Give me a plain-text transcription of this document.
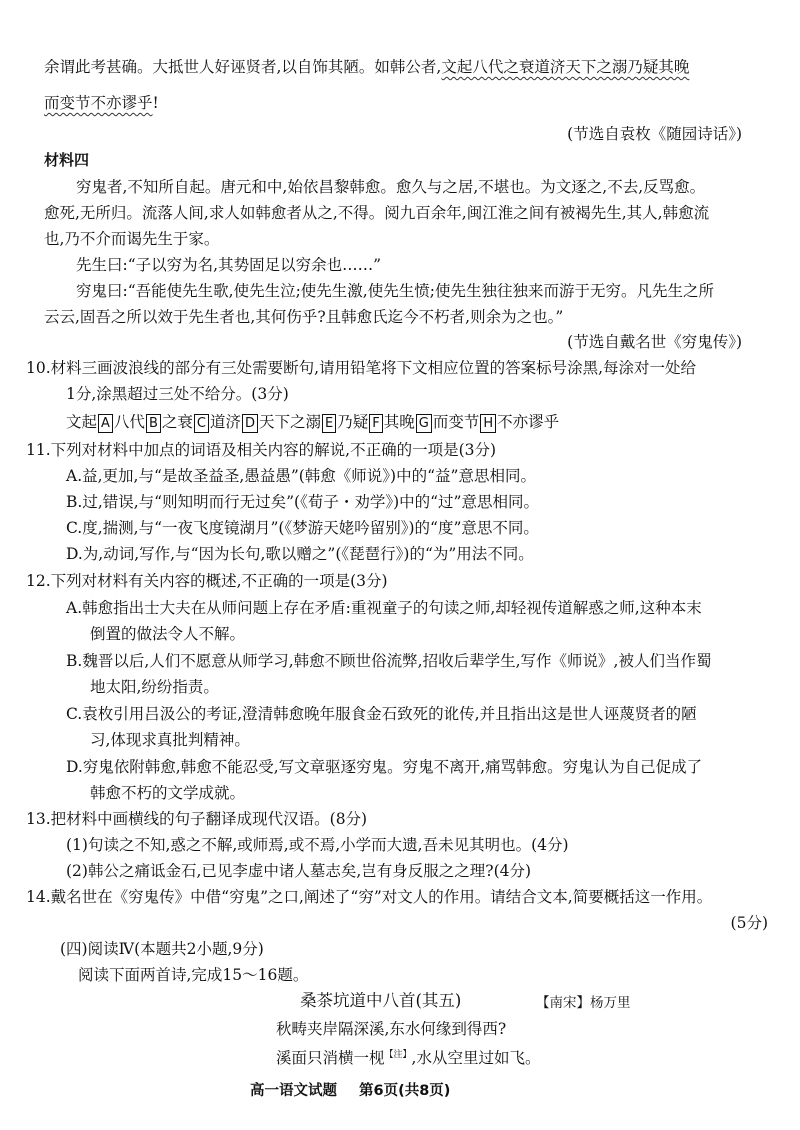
余谓此考甚确。大抵世人好诬贤者,以自饰其陋。如韩公者,文起八代之衰道济天下之溺乃疑其晚
而变节不亦谬乎!
(节选自袁枚《随园诗话》)
材料四
穷鬼者,不知所自起。唐元和中,始依昌黎韩愈。愈久与之居,不堪也。为文逐之,不去,反骂愈。
愈死,无所归。流落人间,求人如韩愈者从之,不得。阅九百余年,闽江淮之间有被褐先生,其人,韩愈流
也,乃不介而谒先生于家。
先生曰:“子以穷为名,其势固足以穷余也……”
穷鬼曰:“吾能使先生歌,使先生泣;使先生激,使先生愤;使先生独往独来而游于无穷。凡先生之所
云云,固吾之所以效于先生者也,其何伤乎?且韩愈氏迄今不朽者,则余为之也。”
(节选自戴名世《穷鬼传》)
10.材料三画波浪线的部分有三处需要断句,请用铅笔将下文相应位置的答案标号涂黑,每涂对一处给
1分,涂黑超过三处不给分。(3分)
文起 A 八代 B 之衰 C 道济 D 天下之溺 E 乃疑 F 其晚 G 而变节 H 不亦谬乎
11.下列对材料中加点的词语及相关内容的解说,不正确的一项是(3分)
A.益,更加,与“是故圣益圣,愚益愚”(韩愈《师说》)中的“益”意思相同。
B.过,错误,与“则知明而行无过矣”(《荀子・劝学》)中的“过”意思相同。
C.度,揣测,与“一夜飞度镜湖月”(《梦游天姥吟留别》)的“度”意思不同。
D.为,动词,写作,与“因为长句,歌以赠之”(《琵琶行》)的“为”用法不同。
12.下列对材料有关内容的概述,不正确的一项是(3分)
A.韩愈指出士大夫在从师问题上存在矛盾:重视童子的句读之师,却轻视传道解惑之师,这种本末
倒置的做法令人不解。
B.魏晋以后,人们不愿意从师学习,韩愈不顾世俗流弊,招收后辈学生,写作《师说》,被人们当作蜀
地太阳,纷纷指责。
C.袁枚引用吕汲公的考证,澄清韩愈晚年服食金石致死的讹传,并且指出这是世人诬蔑贤者的陋
习,体现求真批判精神。
D.穷鬼依附韩愈,韩愈不能忍受,写文章驱逐穷鬼。穷鬼不离开,痛骂韩愈。穷鬼认为自己促成了
韩愈不朽的文学成就。
13.把材料中画横线的句子翻译成现代汉语。(8分)
(1)句读之不知,惑之不解,或师焉,或不焉,小学而大遗,吾未见其明也。(4分)
(2)韩公之痛诋金石,已见李虚中诸人墓志矣,岂有身反服之之理?(4分)
14.戴名世在《穷鬼传》中借“穷鬼”之口,阐述了“穷”对文人的作用。请结合文本,简要概括这一作用。
(5分)
(四)阅读Ⅳ(本题共2小题,9分)
阅读下面两首诗,完成15～16题。
桑茶坑道中八首(其五)	【南宋】杨万里
秋畴夹岸隔深溪,东水何缘到得西?
溪面只消横一枧$^{【注】}$,水从空里过如飞。
高一语文试题 第6页(共8页)
